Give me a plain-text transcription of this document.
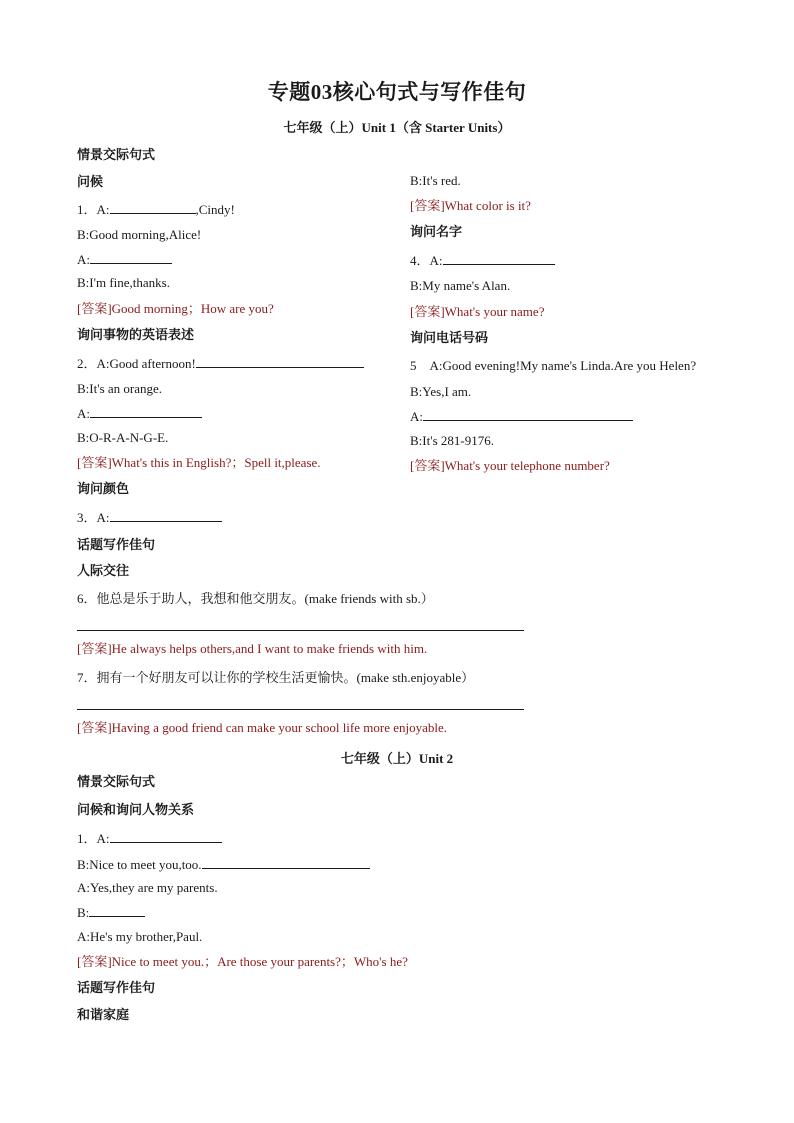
专题03核心句式与写作佳句
七年级（上）Unit 1（含 Starter Units）
情景交际句式
问候
1．A:	,Cindy!
B:Good morning,Alice!
A:
B:I'm fine,thanks.
[答案]Good morning；How are you?
询问事物的英语表述
2．A:Good afternoon!
B:It's an orange.
A:
B:O-R-A-N-G-E.
[答案]What's this in English?；Spell it,please.
询问颜色
3．A:
话题写作佳句
人际交往
6．他总是乐于助人，我想和他交朋友。(make friends with sb.）
[答案]He always helps others,and I want to make friends with him.
7．拥有一个好朋友可以让你的学校生活更愉快。(make sth.enjoyable）
[答案]Having a good friend can make your school life more enjoyable.
B:It's red.
[答案]What color is it?
询问名字
4．A:
B:My name's Alan.
[答案]What's your name?
询问电话号码
5　A:Good evening!My name's Linda.Are you Helen?
B:Yes,I am.
A:
B:It's 281-9176.
[答案]What's your telephone number?
七年级（上）Unit 2
情景交际句式
问候和询问人物关系
1．A:
B:Nice to meet you,too.
A:Yes,they are my parents.
B:
A:He's my brother,Paul.
[答案]Nice to meet you.；Are those your parents?；Who's he?
话题写作佳句
和谐家庭
